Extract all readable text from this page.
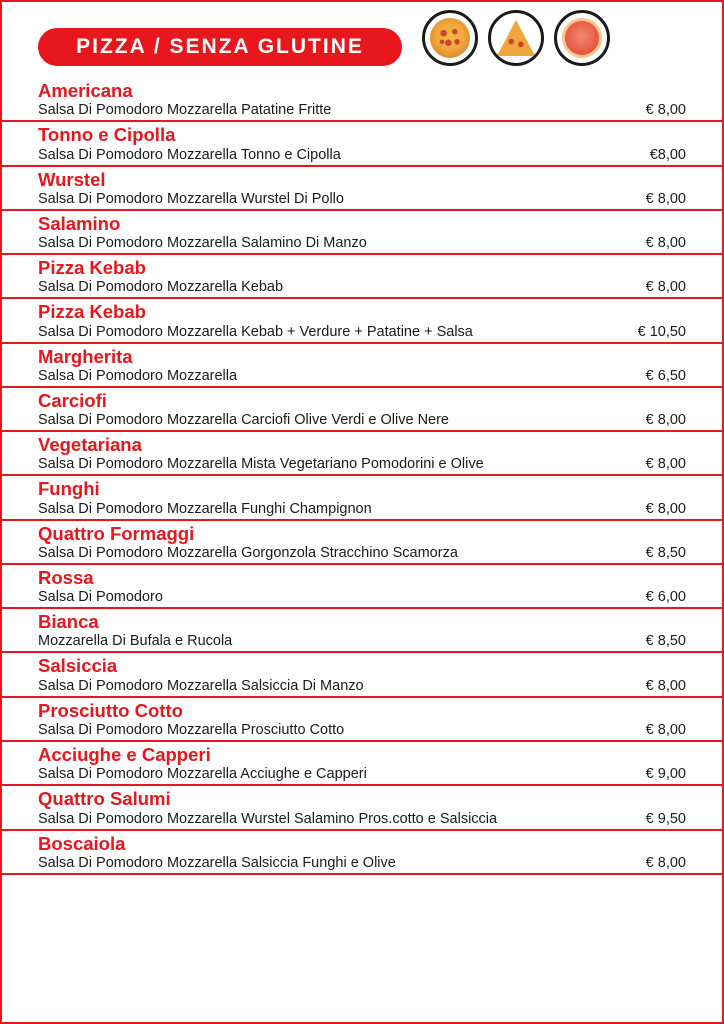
PIZZA / SENZA GLUTINE
Americana
Salsa Di Pomodoro Mozzarella Patatine Fritte	€ 8,00
Tonno e Cipolla
Salsa Di Pomodoro Mozzarella Tonno e Cipolla	€8,00
Wurstel
Salsa Di Pomodoro Mozzarella Wurstel Di Pollo	€ 8,00
Salamino
Salsa Di Pomodoro Mozzarella Salamino Di Manzo	€ 8,00
Pizza Kebab
Salsa Di Pomodoro Mozzarella Kebab	€ 8,00
Pizza Kebab
Salsa Di Pomodoro Mozzarella Kebab + Verdure + Patatine + Salsa	€ 10,50
Margherita
Salsa Di Pomodoro Mozzarella	€ 6,50
Carciofi
Salsa Di Pomodoro Mozzarella Carciofi Olive Verdi e Olive Nere	€ 8,00
Vegetariana
Salsa Di Pomodoro Mozzarella Mista Vegetariano Pomodorini e Olive	€ 8,00
Funghi
Salsa Di Pomodoro Mozzarella Funghi Champignon	€ 8,00
Quattro Formaggi
Salsa Di Pomodoro Mozzarella Gorgonzola Stracchino Scamorza	€ 8,50
Rossa
Salsa Di Pomodoro	€ 6,00
Bianca
Mozzarella Di Bufala e Rucola	€ 8,50
Salsiccia
Salsa Di Pomodoro Mozzarella Salsiccia Di Manzo	€ 8,00
Prosciutto Cotto
Salsa Di Pomodoro Mozzarella Prosciutto Cotto	€ 8,00
Acciughe e Capperi
Salsa Di Pomodoro Mozzarella Acciughe e Capperi	€ 9,00
Quattro Salumi
Salsa Di Pomodoro Mozzarella Wurstel Salamino Pros.cotto e Salsiccia	€ 9,50
Boscaiola
Salsa Di Pomodoro Mozzarella Salsiccia Funghi e Olive	€ 8,00
